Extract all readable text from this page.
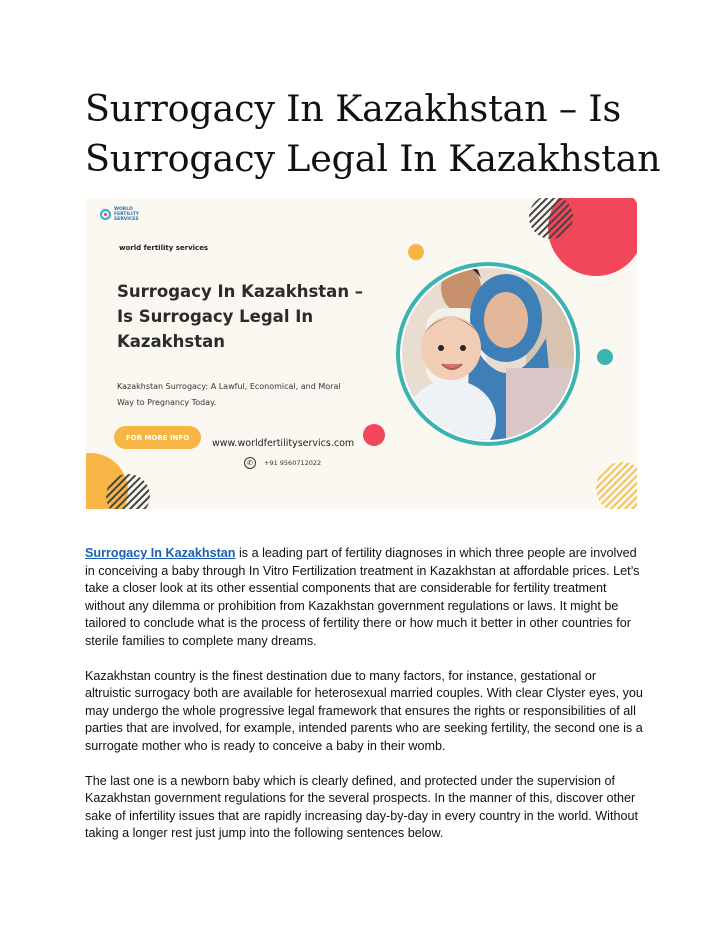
Surrogacy In Kazakhstan – Is Surrogacy Legal In Kazakhstan
WORLD FERTILITY SERVICES
world fertility services
Surrogacy In Kazakhstan – Is Surrogacy Legal In Kazakhstan
Kazakhstan Surrogacy: A Lawful, Economical, and Moral Way to Pregnancy Today.
FOR MORE INFO
www.worldfertilityservics.com
✆	+91 9560712022

Surrogacy In Kazakhstan is a leading part of fertility diagnoses in which three people are involved in conceiving a baby through In Vitro Fertilization treatment in Kazakhstan at affordable prices. Let’s take a closer look at its other essential components that are considerable for fertility treatment without any dilemma or prohibition from Kazakhstan government regulations or laws. It might be tailored to conclude what is the process of fertility there or how much it better in other countries for sterile families to complete many dreams.

Kazakhstan country is the finest destination due to many factors, for instance, gestational or altruistic surrogacy both are available for heterosexual married couples. With clear Clyster eyes, you may undergo the whole progressive legal framework that ensures the rights or responsibilities of all parties that are involved, for example, intended parents who are seeking fertility, the second one is a surrogate mother who is ready to conceive a baby in their womb.

The last one is a newborn baby which is clearly defined, and protected under the supervision of Kazakhstan government regulations for the several prospects. In the manner of this, discover other sake of infertility issues that are rapidly increasing day-by-day in every country in the world. Without taking a longer rest just jump into the following sentences below.
